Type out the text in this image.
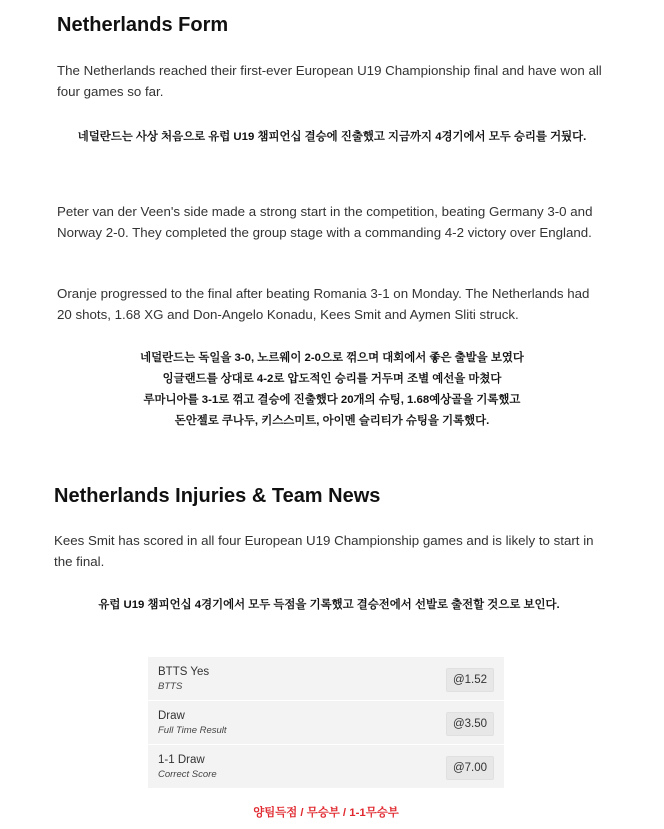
Netherlands Form

The Netherlands reached their first-ever European U19 Championship final and have won all four games so far.

네덜란드는 사상 처음으로 유럽 U19 챔피언십 결승에 진출했고 지금까지 4경기에서 모두 승리를 거뒀다.

Peter van der Veen's side made a strong start in the competition, beating Germany 3-0 and Norway 2-0. They completed the group stage with a commanding 4-2 victory over England.

Oranje progressed to the final after beating Romania 3-1 on Monday. The Netherlands had 20 shots, 1.68 XG and Don-Angelo Konadu, Kees Smit and Aymen Sliti struck.

네덜란드는 독일을 3-0, 노르웨이 2-0으로 꺾으며 대회에서 좋은 출발을 보였다

잉글랜드를 상대로 4-2로 압도적인 승리를 거두며 조별 예선을 마쳤다

루마니아를 3-1로 꺾고 결승에 진출했다 20개의 슈팅, 1.68예상골을 기록했고

돈안젤로 쿠나두, 키스스미트, 아이멘 슬리티가 슈팅을 기록했다.

Netherlands Injuries & Team News

Kees Smit has scored in all four European U19 Championship games and is likely to start in the final.

유럽 U19 챔피언십 4경기에서 모두 득점을 기록했고 결승전에서 선발로 출전할 것으로 보인다.

BTTS Yes
BTTS
@1.52
Draw
Full Time Result
@3.50
1-1 Draw
Correct Score
@7.00
양팀득점 / 무승부 / 1-1무승부
